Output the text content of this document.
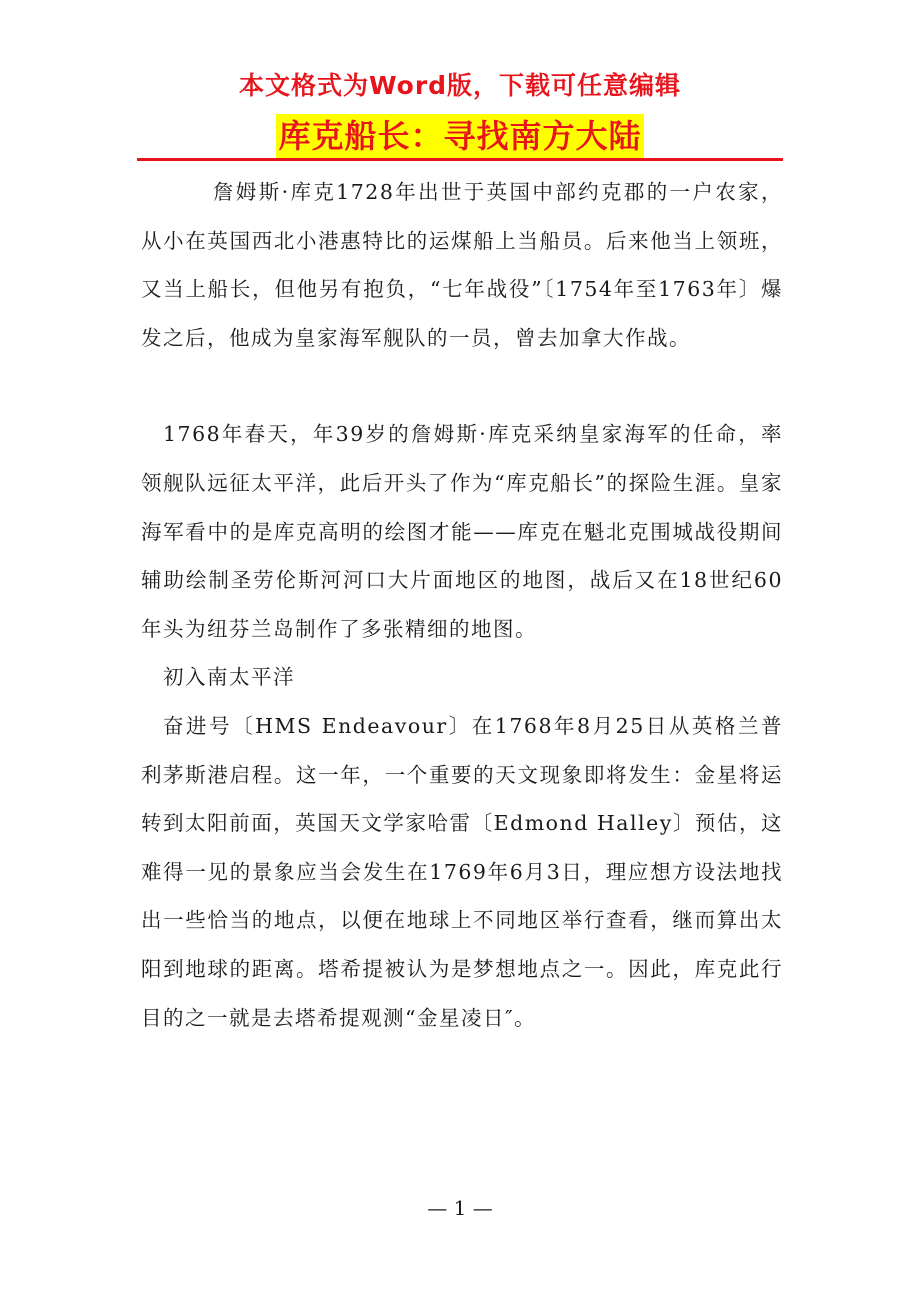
本文格式为Word版，下载可任意编辑
库克船长：寻找南方大陆

詹姆斯·库克1728年出世于英国中部约克郡的一户农家，从小在英国西北小港惠特比的运煤船上当船员。后来他当上领班，又当上船长，但他另有抱负，“七年战役”〔1754年至1763年〕爆发之后，他成为皇家海军舰队的一员，曾去加拿大作战。

1768年春天，年39岁的詹姆斯·库克采纳皇家海军的任命，率领舰队远征太平洋，此后开头了作为“库克船长”的探险生涯。皇家海军看中的是库克高明的绘图才能——库克在魁北克围城战役期间辅助绘制圣劳伦斯河河口大片面地区的地图，战后又在18世纪60年头为纽芬兰岛制作了多张精细的地图。

初入南太平洋

奋进号〔HMS Endeavour〕在1768年8月25日从英格兰普利茅斯港启程。这一年，一个重要的天文现象即将发生：金星将运转到太阳前面，英国天文学家哈雷〔Edmond Halley〕预估，这难得一见的景象应当会发生在1769年6月3日，理应想方设法地找出一些恰当的地点，以便在地球上不同地区举行查看，继而算出太阳到地球的距离。塔希提被认为是梦想地点之一。因此，库克此行目的之一就是去塔希提观测“金星凌日″。

— 1 —
